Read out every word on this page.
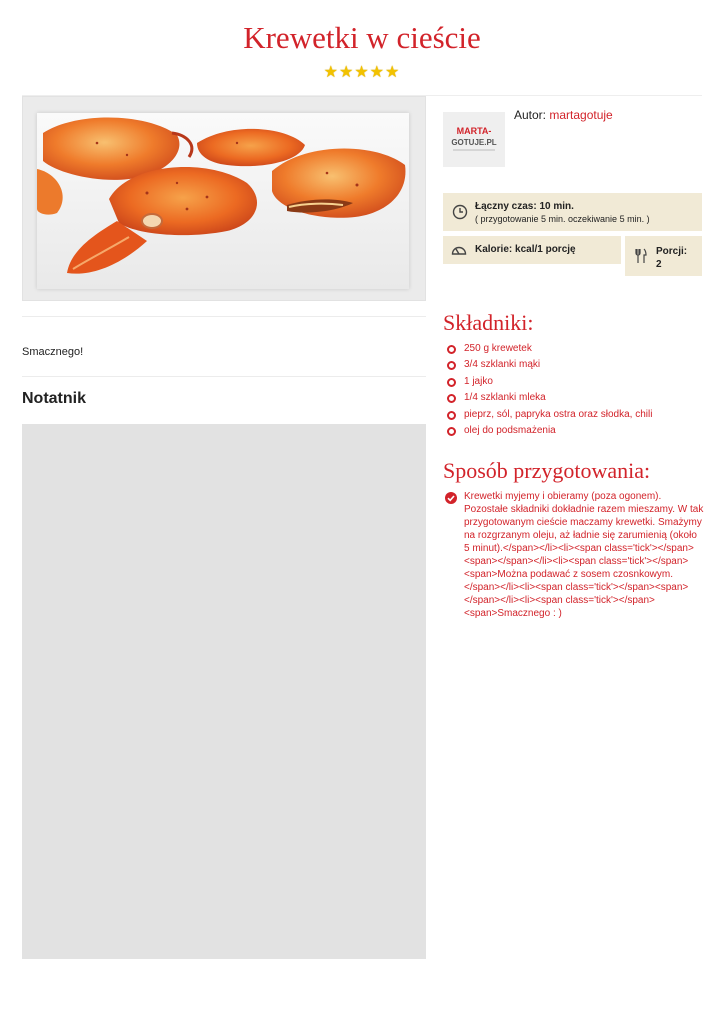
Krewetki w cieście
★★★★★
MARTA-
GOTUJE.PL
Autor: martagotuje
Łączny czas: 10 min.
( przygotowanie 5 min. oczekiwanie 5 min. )
Kalorie: kcal/1 porcję	Porcji:
2
Smacznego!
Notatnik
Składniki:
250 g krewetek
3/4 szklanki mąki
1 jajko
1/4 szklanki mleka
pieprz, sól, papryka ostra oraz słodka, chili
olej do podsmażenia
Sposób przygotowania:
Krewetki myjemy i obieramy (poza ogonem). Pozostałe składniki dokładnie razem mieszamy. W tak przygotowanym cieście maczamy krewetki. Smażymy na rozgrzanym oleju, aż ładnie się zarumienią (około 5 minut).</span></li><li><span class='tick'></span><span></span></li><li><span class='tick'></span><span>Można podawać z sosem czosnkowym.</span></li><li><span class='tick'></span><span></span></li><li><span class='tick'></span><span>Smacznego : )
